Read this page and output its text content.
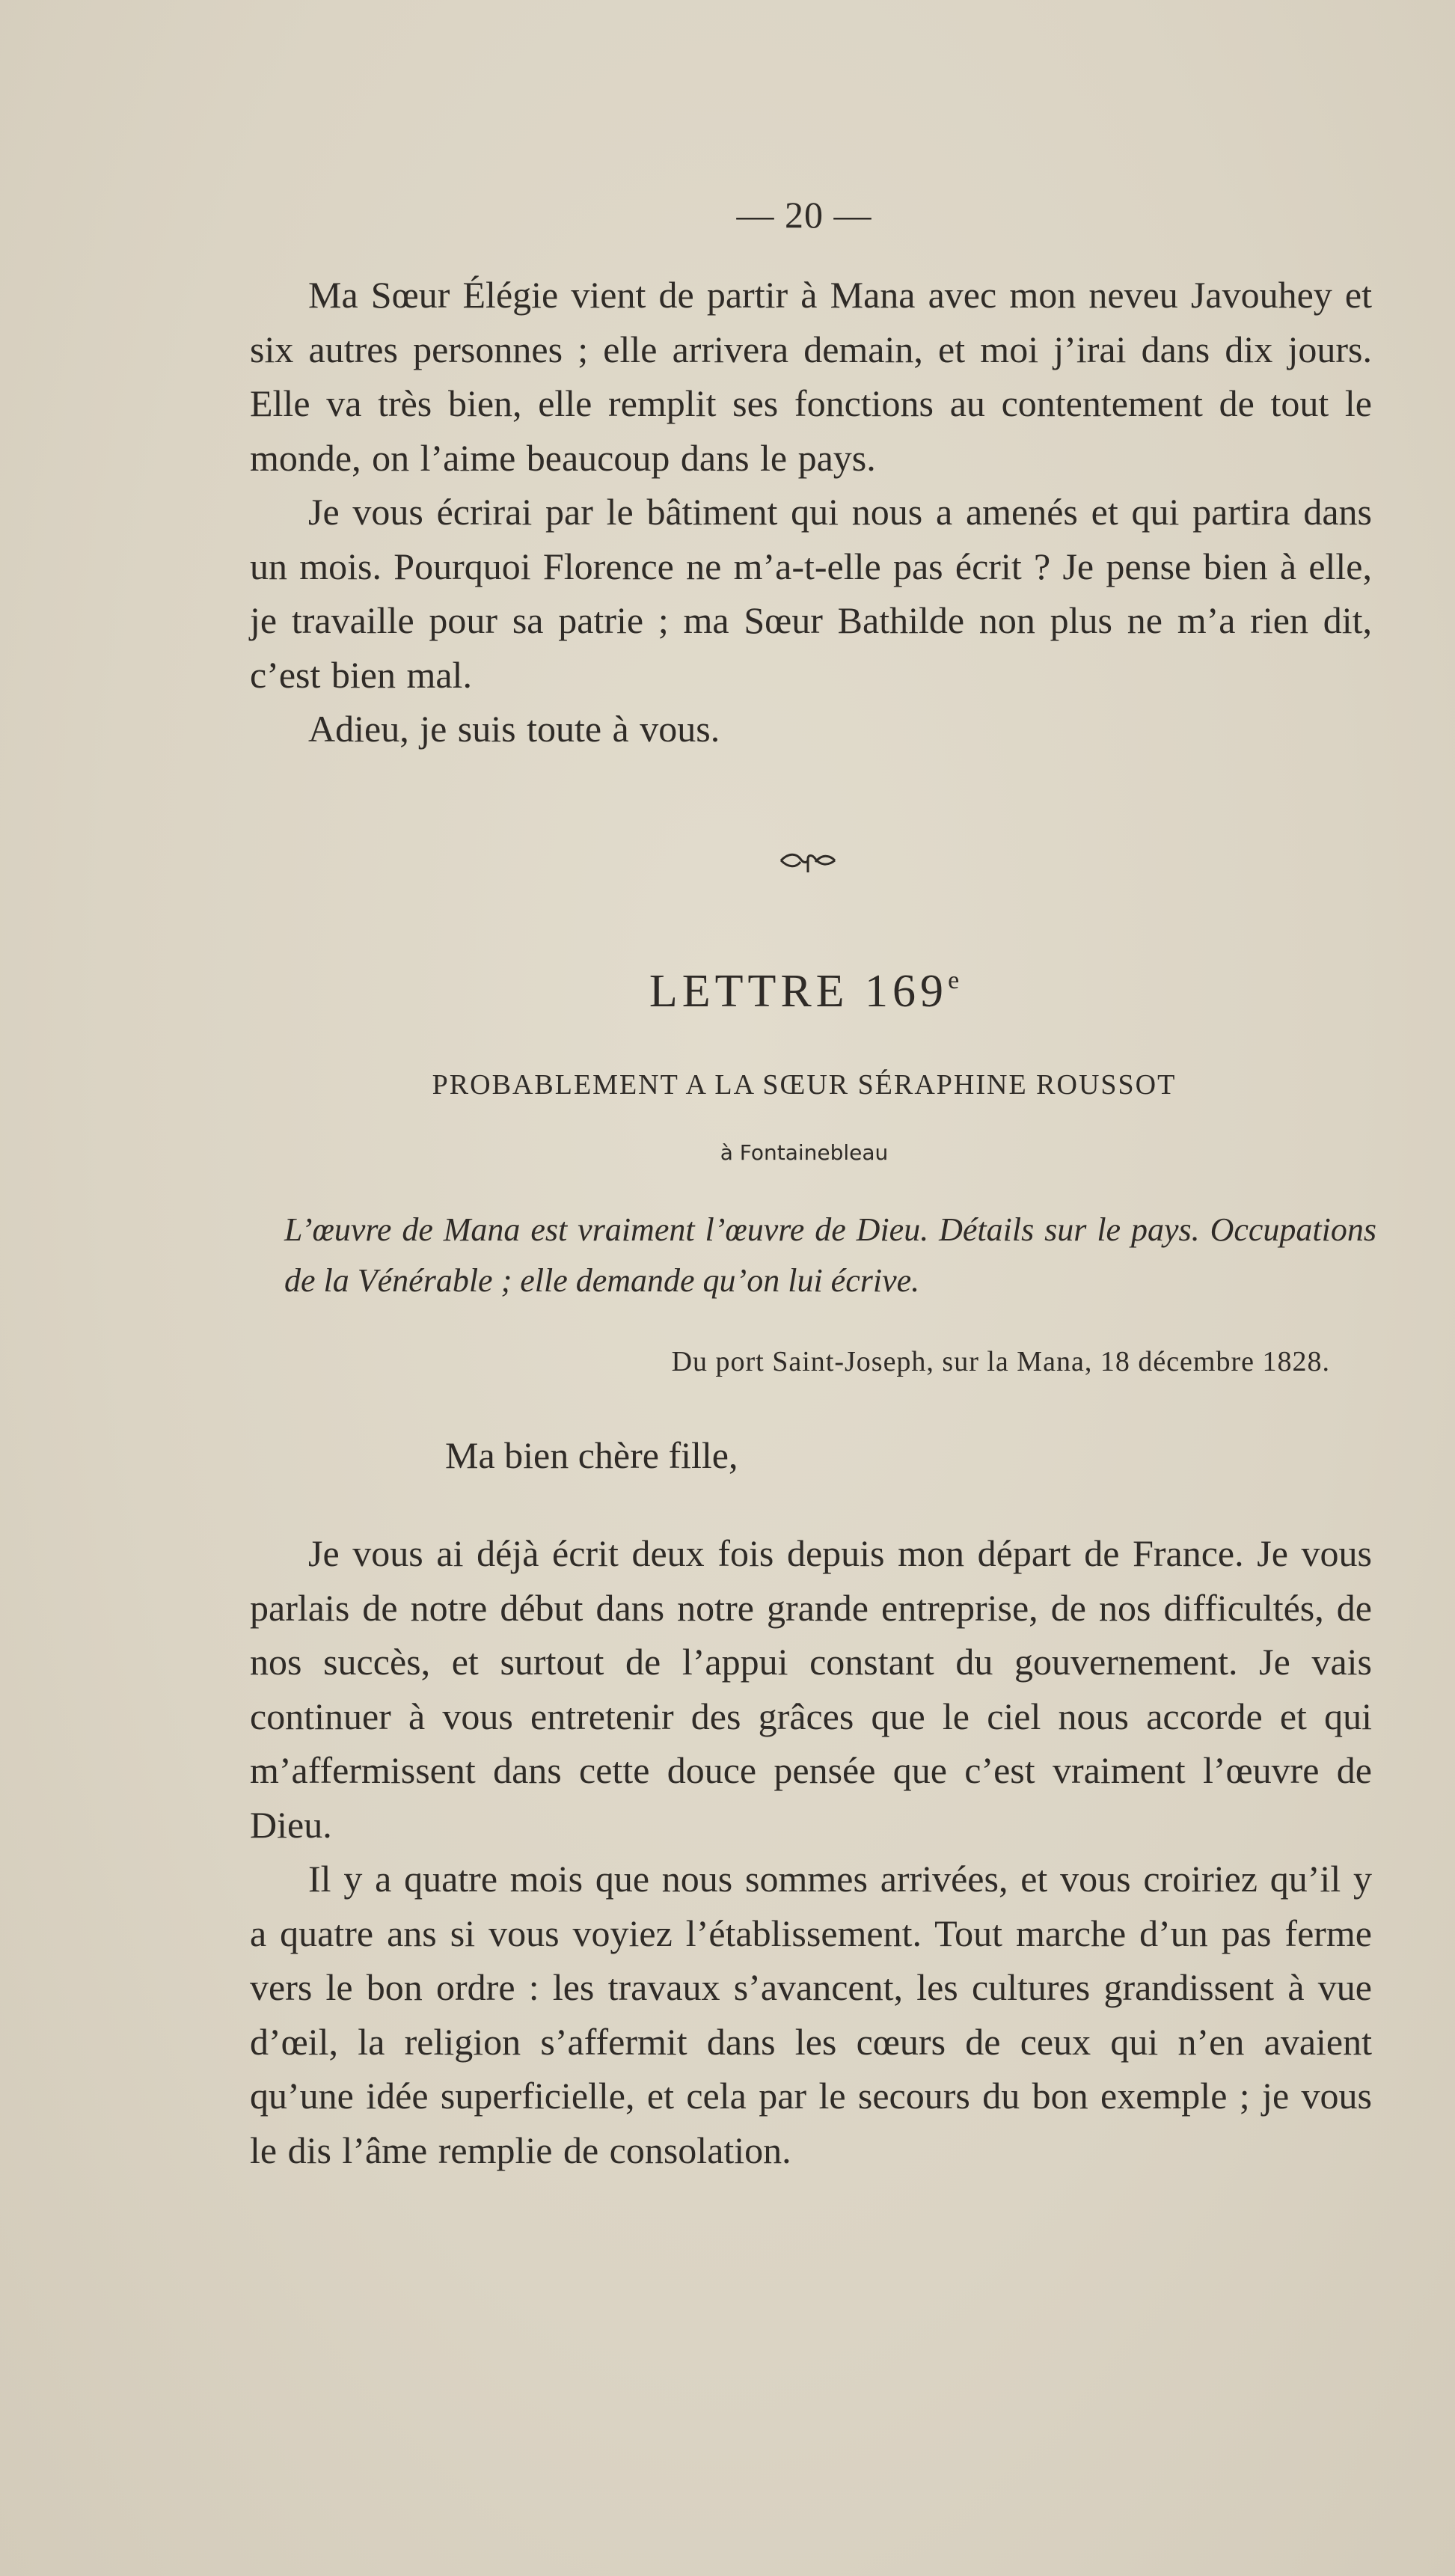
— 20 —

Ma Sœur Élégie vient de partir à Mana avec mon neveu Javouhey et six autres personnes ; elle arrivera demain, et moi j’irai dans dix jours. Elle va très bien, elle remplit ses fonctions au contentement de tout le monde, on l’aime beaucoup dans le pays.

Je vous écrirai par le bâtiment qui nous a amenés et qui partira dans un mois. Pourquoi Florence ne m’a-t-elle pas écrit ? Je pense bien à elle, je travaille pour sa patrie ; ma Sœur Bathilde non plus ne m’a rien dit, c’est bien mal.

Adieu, je suis toute à vous.

LETTRE 169e
PROBABLEMENT A LA SŒUR SÉRAPHINE ROUSSOT
à Fontainebleau
L’œuvre de Mana est vraiment l’œuvre de Dieu. Détails sur le pays. Occupations de la Vénérable ; elle demande qu’on lui écrive.
Du port Saint-Joseph, sur la Mana, 18 décembre 1828.
Ma bien chère fille,

Je vous ai déjà écrit deux fois depuis mon départ de France. Je vous parlais de notre début dans notre grande entreprise, de nos difficultés, de nos succès, et surtout de l’appui constant du gouvernement. Je vais continuer à vous entretenir des grâces que le ciel nous accorde et qui m’affermissent dans cette douce pensée que c’est vraiment l’œuvre de Dieu.

Il y a quatre mois que nous sommes arrivées, et vous croiriez qu’il y a quatre ans si vous voyiez l’établissement. Tout marche d’un pas ferme vers le bon ordre : les travaux s’avancent, les cultures grandissent à vue d’œil, la religion s’affermit dans les cœurs de ceux qui n’en avaient qu’une idée superficielle, et cela par le secours du bon exemple ; je vous le dis l’âme remplie de consolation.
